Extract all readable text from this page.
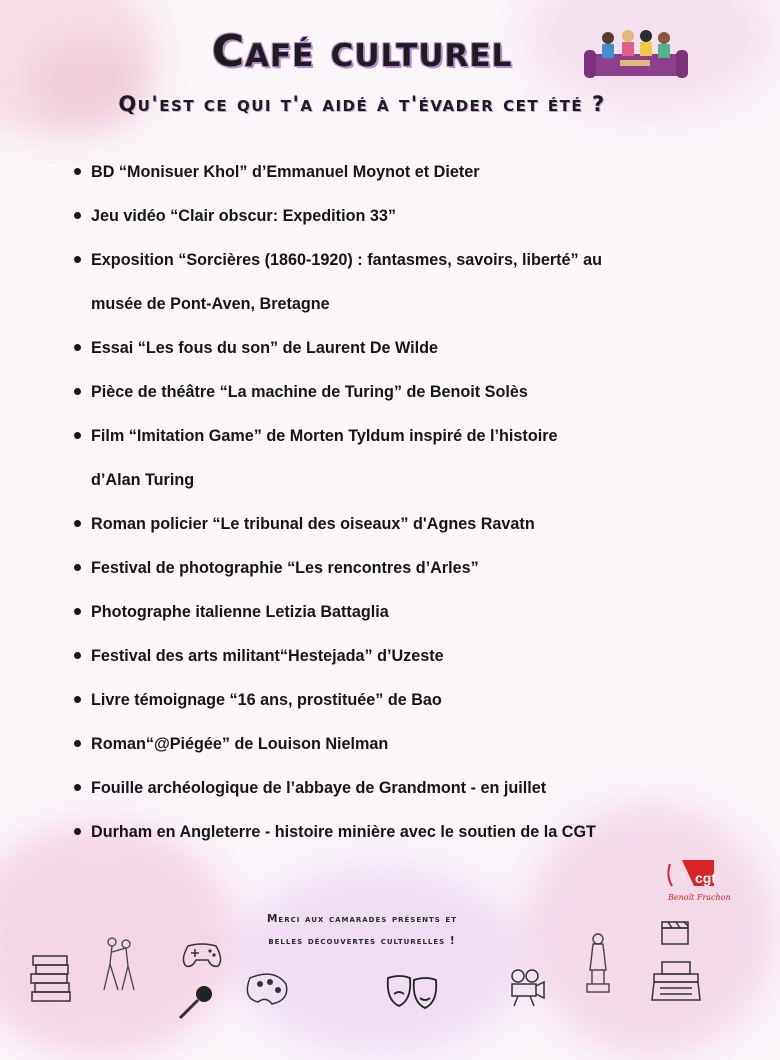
Café culturel
Qu'est ce qui t'a aidé à t'évader cet été ?
BD “Monisuer Khol” d’Emmanuel Moynot et Dieter
Jeu vidéo “Clair obscur: Expedition 33”
Exposition “Sorcières (1860-1920) : fantasmes, savoirs, liberté” au
musée de Pont-Aven, Bretagne
Essai “Les fous du son” de Laurent De Wilde
Pièce de théâtre “La machine de Turing” de Benoit Solès
Film “Imitation Game” de Morten Tyldum inspiré de l’histoire
d’Alan Turing
Roman policier “Le tribunal des oiseaux” d'Agnes Ravatn
Festival de photographie “Les rencontres d’Arles”
Photographe italienne Letizia Battaglia
Festival des arts militant“Hestejada” d’Uzeste
Livre témoignage “16 ans, prostituée” de Bao
Roman“@Piégée” de Louison Nielman
Fouille archéologique de l’abbaye de Grandmont - en juillet
Durham en Angleterre - histoire minière avec le soutien de la CGT
cgt
Benoît Frachon
Merci aux camarades présents et
belles découvertes culturelles !
